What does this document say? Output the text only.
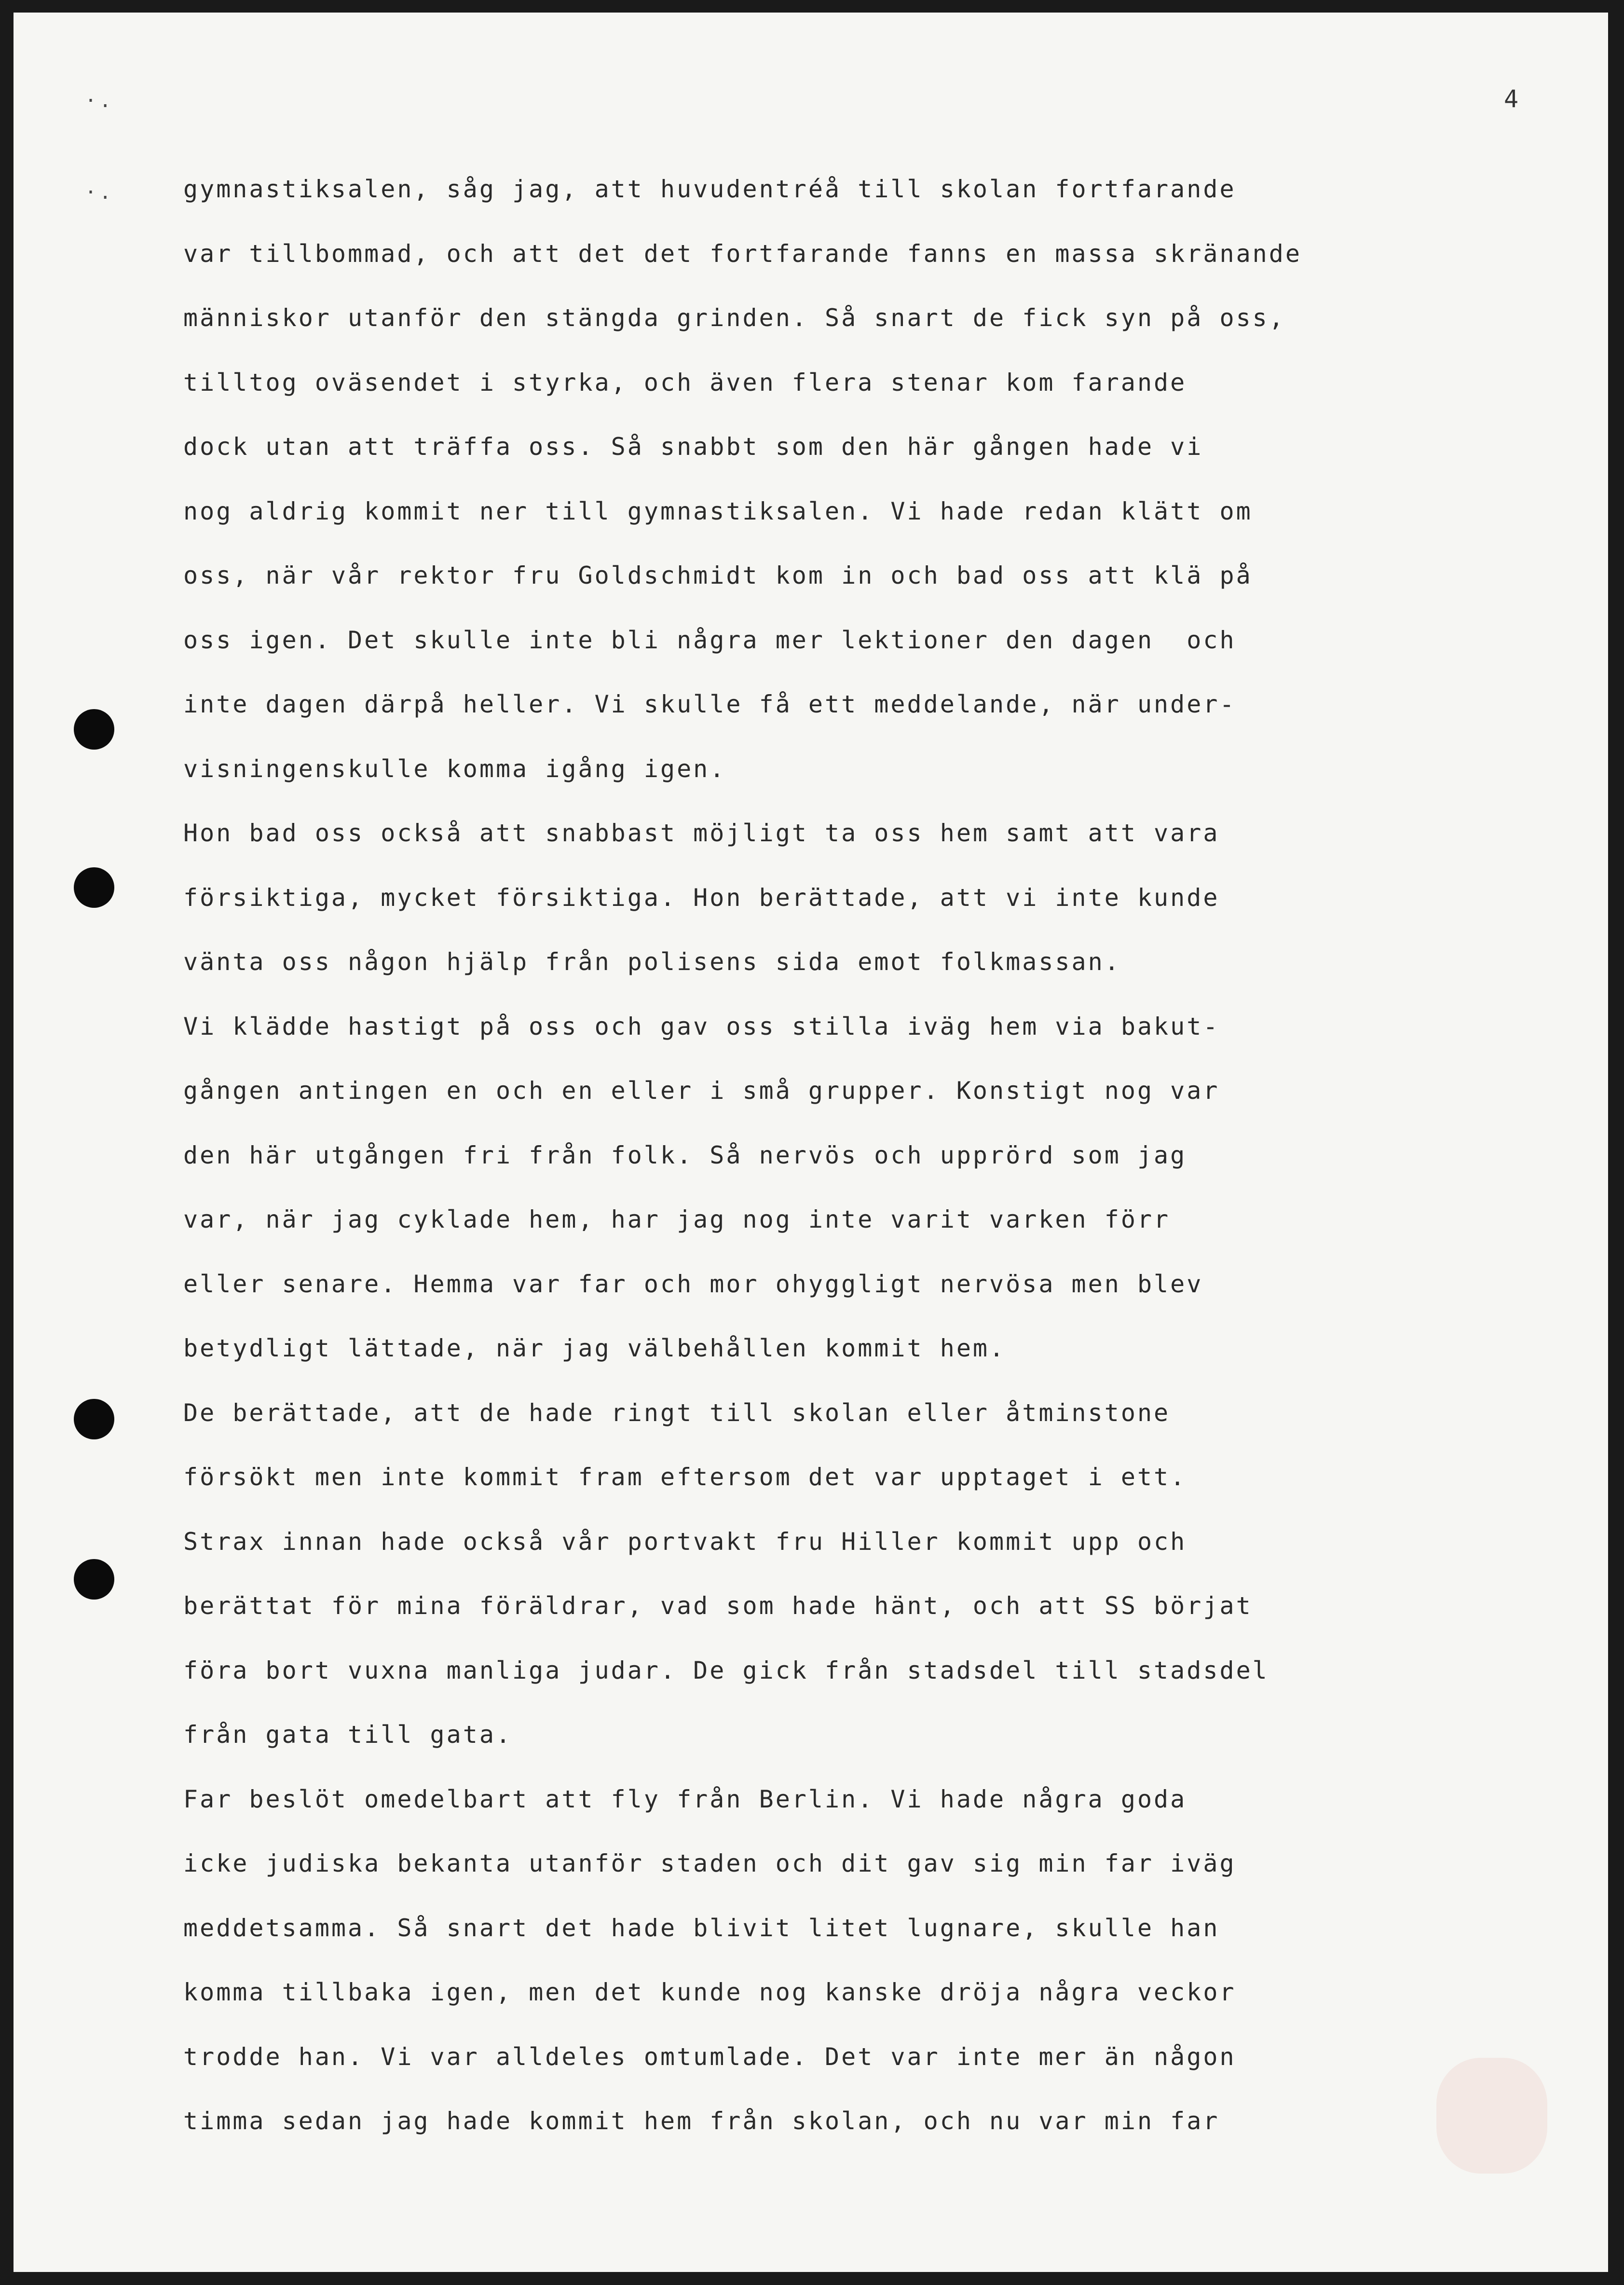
4
·.
·.	gymnastiksalen, såg jag, att huvudentréå till skolan fortfarande
var tillbommad, och att det det fortfarande fanns en massa skränande
människor utanför den stängda grinden. Så snart de fick syn på oss,
tilltog oväsendet i styrka, och även flera stenar kom farande
dock utan att träffa oss. Så snabbt som den här gången hade vi
nog aldrig kommit ner till gymnastiksalen. Vi hade redan klätt om
oss, när vår rektor fru Goldschmidt kom in och bad oss att klä på
oss igen. Det skulle inte bli några mer lektioner den dagen  och
inte dagen därpå heller. Vi skulle få ett meddelande, när under-
visningenskulle komma igång igen.
Hon bad oss också att snabbast möjligt ta oss hem samt att vara
försiktiga, mycket försiktiga. Hon berättade, att vi inte kunde
vänta oss någon hjälp från polisens sida emot folkmassan.
Vi klädde hastigt på oss och gav oss stilla iväg hem via bakut-
gången antingen en och en eller i små grupper. Konstigt nog var
den här utgången fri från folk. Så nervös och upprörd som jag
var, när jag cyklade hem, har jag nog inte varit varken förr
eller senare. Hemma var far och mor ohyggligt nervösa men blev
betydligt lättade, när jag välbehållen kommit hem.
De berättade, att de hade ringt till skolan eller åtminstone
försökt men inte kommit fram eftersom det var upptaget i ett.
Strax innan hade också vår portvakt fru Hiller kommit upp och
berättat för mina föräldrar, vad som hade hänt, och att SS börjat
föra bort vuxna manliga judar. De gick från stadsdel till stadsdel
från gata till gata.
Far beslöt omedelbart att fly från Berlin. Vi hade några goda
icke judiska bekanta utanför staden och dit gav sig min far iväg
meddetsamma. Så snart det hade blivit litet lugnare, skulle han
komma tillbaka igen, men det kunde nog kanske dröja några veckor
trodde han. Vi var alldeles omtumlade. Det var inte mer än någon
timma sedan jag hade kommit hem från skolan, och nu var min far
